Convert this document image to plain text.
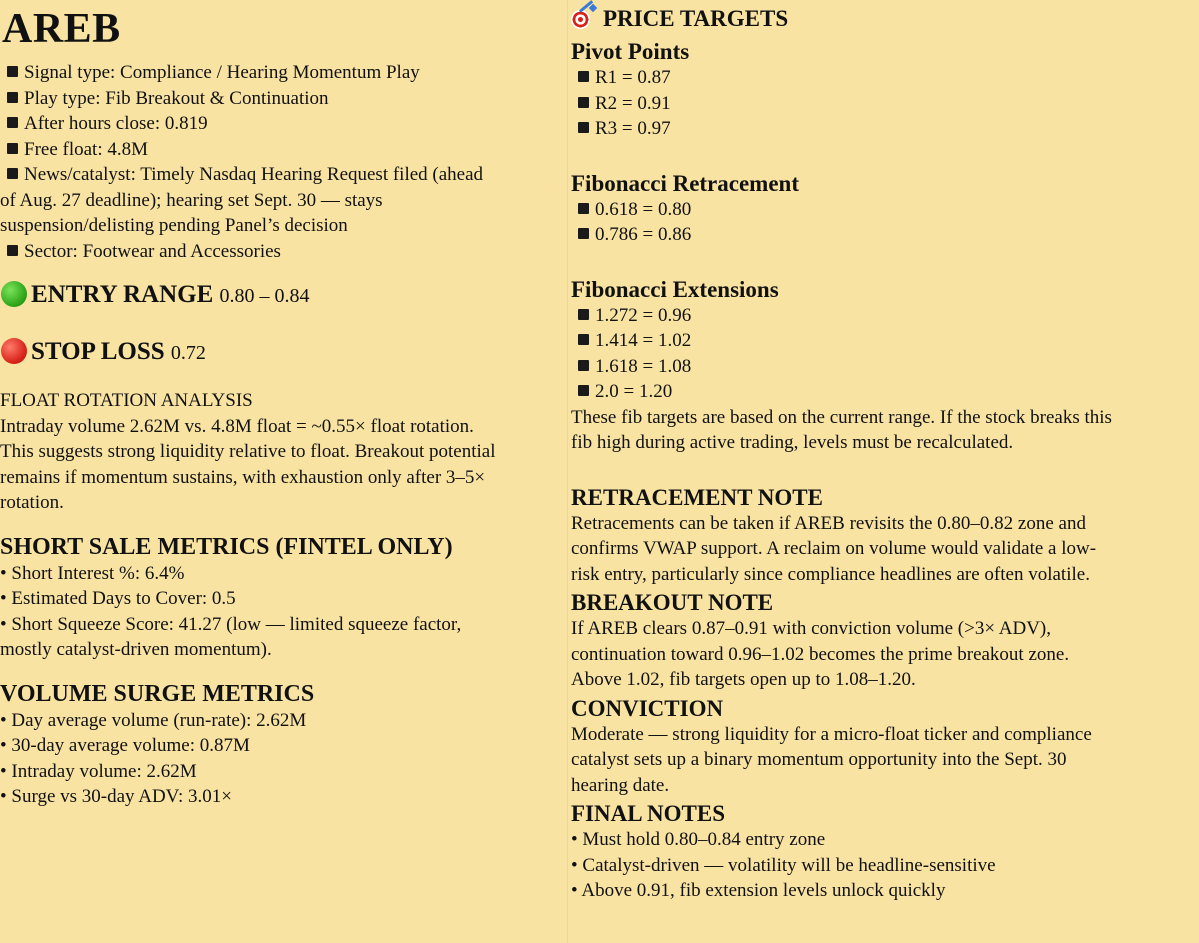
AREB
Signal type: Compliance / Hearing Momentum Play
Play type: Fib Breakout & Continuation
After hours close: 0.819
Free float: 4.8M
News/catalyst: Timely Nasdaq Hearing Request filed (ahead
of Aug. 27 deadline); hearing set Sept. 30 — stays
suspension/delisting pending Panel’s decision
Sector: Footwear and Accessories
ENTRY RANGE 0.80 – 0.84
STOP LOSS 0.72
FLOAT ROTATION ANALYSIS
Intraday volume 2.62M vs. 4.8M float = ~0.55× float rotation.
This suggests strong liquidity relative to float. Breakout potential
remains if momentum sustains, with exhaustion only after 3–5×
rotation.
SHORT SALE METRICS (FINTEL ONLY)
• Short Interest %: 6.4%
• Estimated Days to Cover: 0.5
• Short Squeeze Score: 41.27 (low — limited squeeze factor,
mostly catalyst-driven momentum).
VOLUME SURGE METRICS
• Day average volume (run-rate): 2.62M
• 30-day average volume: 0.87M
• Intraday volume: 2.62M
• Surge vs 30-day ADV: 3.01×
PRICE TARGETS
Pivot Points
R1 = 0.87
R2 = 0.91
R3 = 0.97
Fibonacci Retracement
0.618 = 0.80
0.786 = 0.86
Fibonacci Extensions
1.272 = 0.96
1.414 = 1.02
1.618 = 1.08
2.0 = 1.20
These fib targets are based on the current range. If the stock breaks this
fib high during active trading, levels must be recalculated.
RETRACEMENT NOTE
Retracements can be taken if AREB revisits the 0.80–0.82 zone and
confirms VWAP support. A reclaim on volume would validate a low-
risk entry, particularly since compliance headlines are often volatile.
BREAKOUT NOTE
If AREB clears 0.87–0.91 with conviction volume (>3× ADV),
continuation toward 0.96–1.02 becomes the prime breakout zone.
Above 1.02, fib targets open up to 1.08–1.20.
CONVICTION
Moderate — strong liquidity for a micro-float ticker and compliance
catalyst sets up a binary momentum opportunity into the Sept. 30
hearing date.
FINAL NOTES
• Must hold 0.80–0.84 entry zone
• Catalyst-driven — volatility will be headline-sensitive
• Above 0.91, fib extension levels unlock quickly
